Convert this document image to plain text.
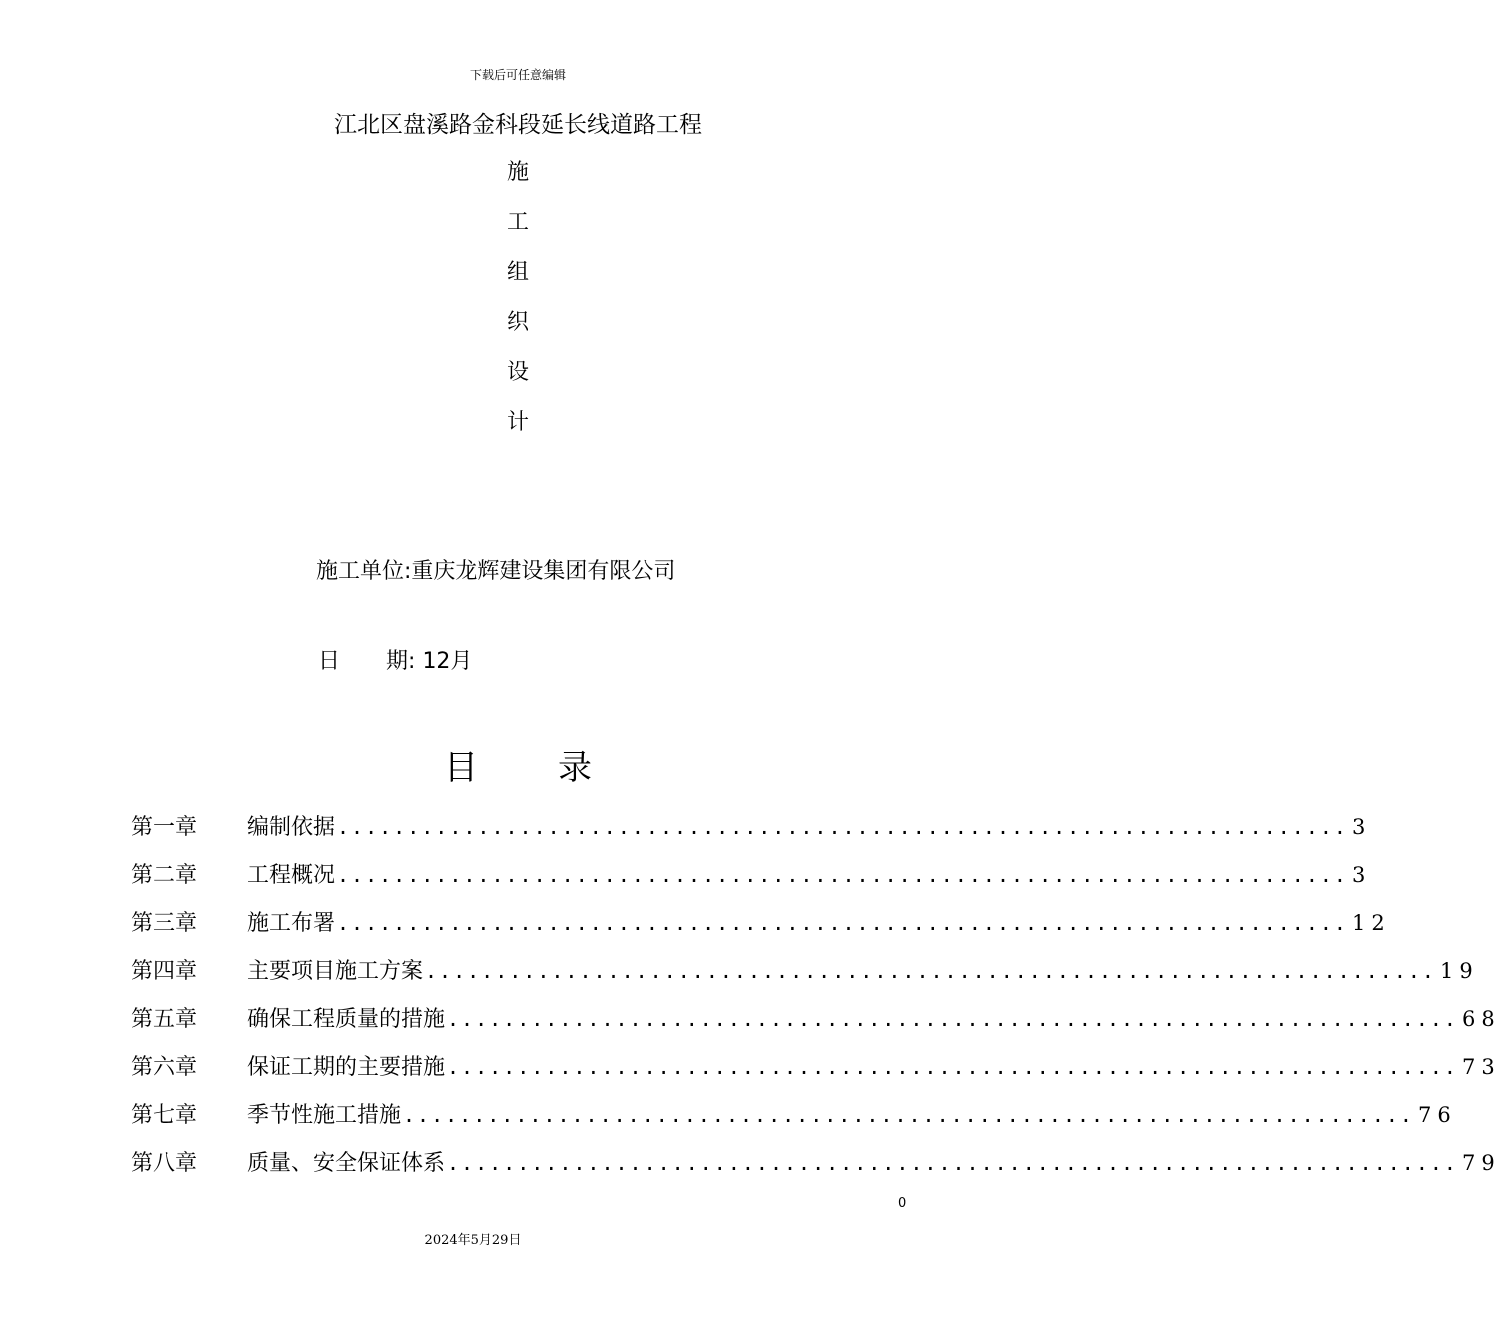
下载后可任意编辑
江北区盘溪路金科段延长线道路工程
施
工
组
织
设
计
施工单位:重庆龙辉建设集团有限公司
日 期: 12月
目录
第一章	编制依据 ........................................................................ 3
第二章	工程概况 ........................................................................ 3
第三章	施工布署 ........................................................................ 12
第四章	主要项目施工方案 ........................................................................ 19
第五章	确保工程质量的措施 ........................................................................ 68
第六章	保证工期的主要措施 ........................................................................ 73
第七章	季节性施工措施 ........................................................................ 76
第八章	质量、安全保证体系 ........................................................................ 79
0
2024年5月29日
